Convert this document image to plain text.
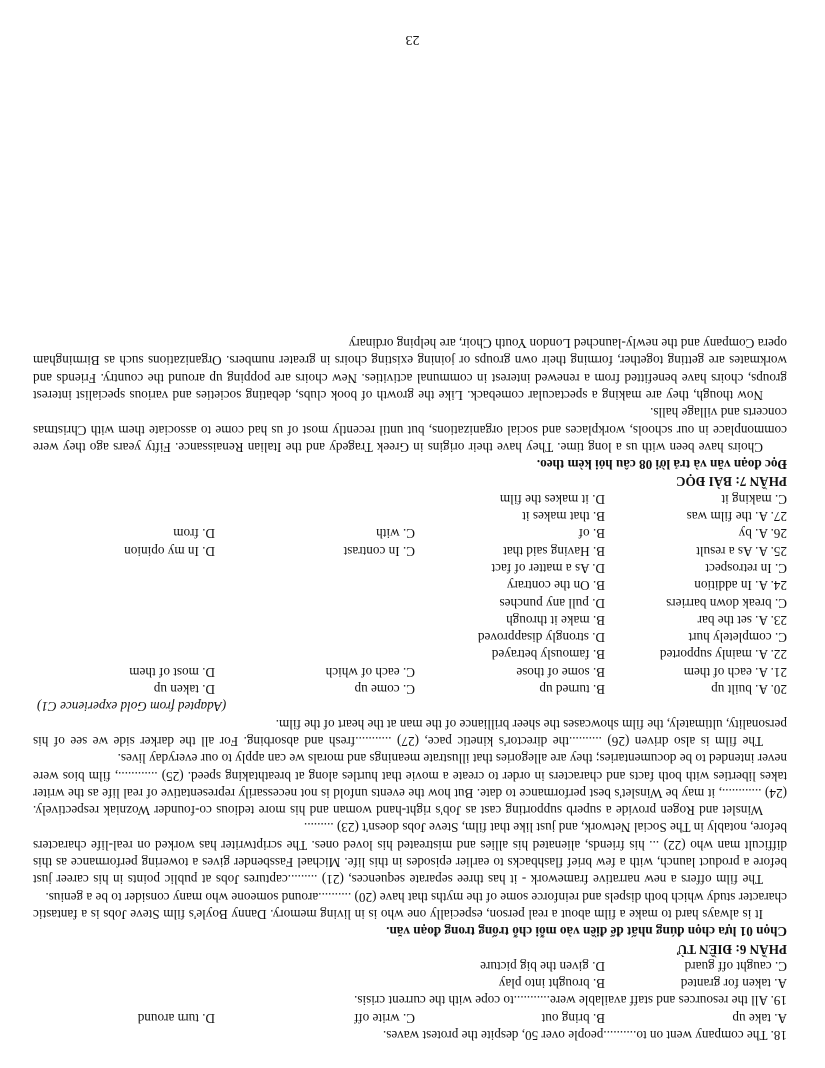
18. The company went on to..........people over 50, despite the protest waves.

A. take up
B. bring out
C. write off
D. turn around

19. All the resources and staff available were...........to cope with the current crisis.

A. taken for granted
B. brought into play
C. caught off guard
D. given the big picture

PHẦN 6: ĐIỀN TỪ

Chọn 01 lựa chọn đúng nhất để điền vào mỗi chỗ trống trong đoạn văn.

It is always hard to make a film about a real person, especially one who is in living memory. Danny Boyle's film Steve Jobs is a fantastic character study which both dispels and reinforce some of the myths that have (20) ..........around someone who many consider to be a genius.

The film offers a new narrative framework - it has three separate sequences, (21) .........captures Jobs at public points in his career just before a product launch, with a few brief flashbacks to earlier episodes in this life. Michael Fassbender gives a towering performance as this difficult man who (22) ... his friends, alienated his allies and mistreated his loved ones. The scriptwriter has worked on real-life characters before, notably in The Social Network, and just like that film, Steve Jobs doesn't (23) .........

Winslet and Rogen provide a superb supporting cast as Job's right-hand woman and his more tedious co-founder Wozniak respectively. (24) ............, it may be Winslet's best performance to date. But how the events unfold is not necessarily representative of real life as the writer takes liberties with both facts and characters in order to create a movie that hurtles along at breathtaking speed. (25) ............, film bios were never intended to be documentaries; they are allegories that illustrate meanings and morals we can apply to our everyday lives.

The film is also driven (26) ..........the director's kinetic pace, (27) ...........fresh and absorbing. For all the darker side we see of his personality, ultimately, the film showcases the sheer brilliance of the man at the heart of the film.

(Adapted from Gold experience C1)

20. A. built up
B. turned up
C. come up
D. taken up
21. A. each of them
B. some of those
C. each of which
D. most of them
22. A. mainly supported
B. famously betrayed
C. completely hurt
D. strongly disapproved
23. A. set the bar
B. make it through
C. break down barriers
D. pull any punches
24. A. In addition
B. On the contrary
C. In retrospect
D. As a matter of fact
25. A. As a result
B. Having said that
C. In contrast
D. In my opinion
26. A. by
B. of
C. with
D. from
27. A. the film was
B. that makes it
C. making it
D. it makes the film

PHẦN 7: BÀI ĐỌC

Đọc đoạn văn và trả lời 08 câu hỏi kèm theo.

Choirs have been with us a long time. They have their origins in Greek Tragedy and the Italian Renaissance. Fifty years ago they were commonplace in our schools, workplaces and social organizations, but until recently most of us had come to associate them with Christmas concerts and village halls.

Now though, they are making a spectacular comeback. Like the growth of book clubs, debating societies and various specialist interest groups, choirs have benefitted from a renewed interest in communal activities. New choirs are popping up around the country. Friends and workmates are getting together, forming their own groups or joining existing choirs in greater numbers. Organizations such as Birmingham opera Company and the newly-launched London Youth Choir, are helping ordinary

23
